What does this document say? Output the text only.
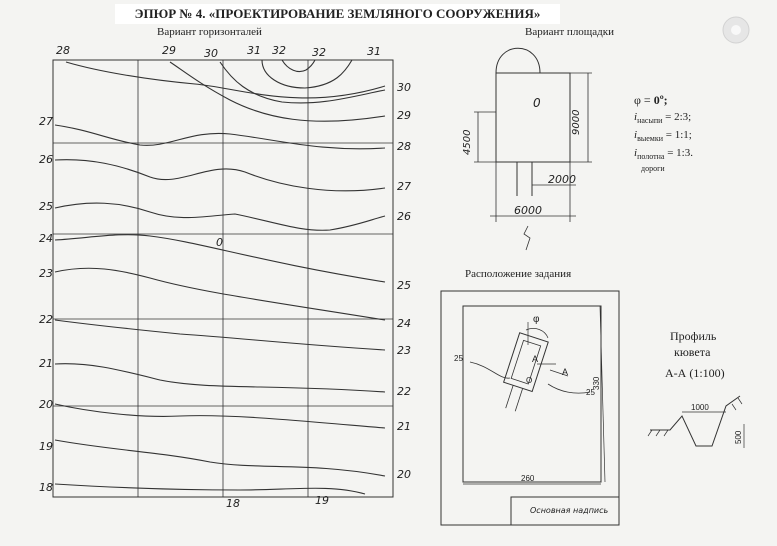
ЭПЮР № 4. «ПРОЕКТИРОВАНИЕ ЗЕМЛЯНОГО СООРУЖЕНИЯ»
Вариант горизонталей
28	29	30	31 32 32	31
27
26
25
24
23
22
21
20
19
18
30
29
28
27
26
25
24
23
22
21
20
18	19
0
Вариант площадки
0
9000
4500
2000
6000
φ = 0º;
$i_{насыпи}$ = 2:3;
$i_{выемки}$ = 1:1;
$i_{полотна}$ = 1:3.
дороги
Расположение задания
25
25
330
260
φ
O
A
A
Основная надпись
Профиль
кювета
А-А (1:100)
1000
500
